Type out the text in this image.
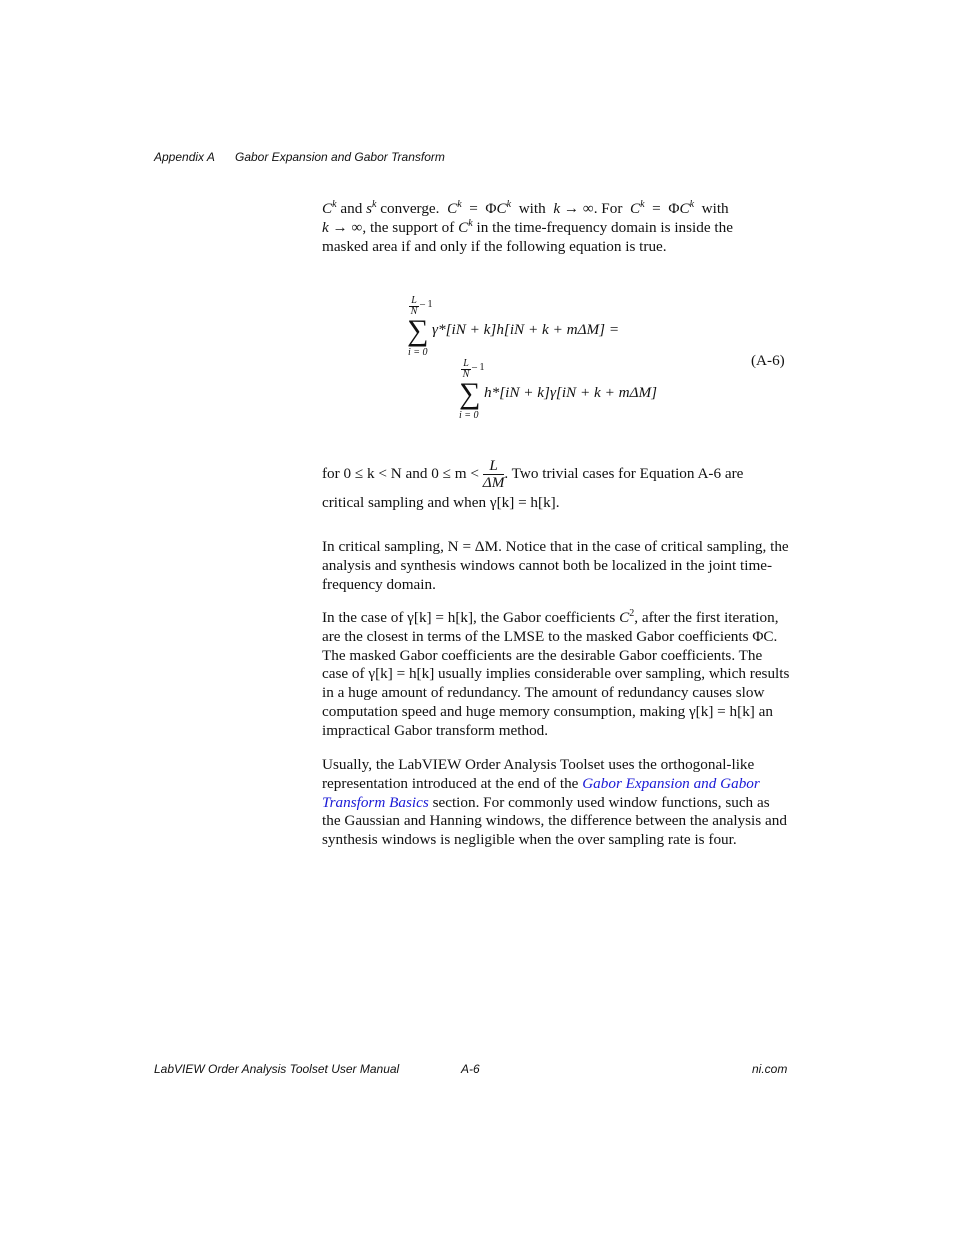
Appendix A Gabor Expansion and Gabor Transform
$C^k$ and $s^k$ converge. $C^k = \Phi C^k$ with k → ∞. For $C^k = \Phi C^k$ with
k → ∞, the support of $C^k$ in the time-frequency domain is inside the
masked area if and only if the following equation is true.
$\frac{L}{N} - 1$
∑
i = 0
γ*[iN + k]h[iN + k + mΔM] =
$\frac{L}{N} - 1$
∑
i = 0
h*[iN + k]γ[iN + k + mΔM]
(A-6)
for 0 ≤ k < N and $0 \le m < \frac{L}{\Delta M}$ . Two trivial cases for Equation A-6 are
critical sampling and when γ[k] = h[k].

In critical sampling, N = ΔM. Notice that in the case of critical sampling, the analysis and synthesis windows cannot both be localized in the joint time-frequency domain.

In the case of γ[k] = h[k], the Gabor coefficients $C^2$, after the first iteration, are the closest in terms of the LMSE to the masked Gabor coefficients ΦC. The masked Gabor coefficients are the desirable Gabor coefficients. The case of γ[k] = h[k] usually implies considerable over sampling, which results in a huge amount of redundancy. The amount of redundancy causes slow computation speed and huge memory consumption, making γ[k] = h[k] an impractical Gabor transform method.

Usually, the LabVIEW Order Analysis Toolset uses the orthogonal-like representation introduced at the end of the Gabor Expansion and Gabor Transform Basics section. For commonly used window functions, such as the Gaussian and Hanning windows, the difference between the analysis and synthesis windows is negligible when the over sampling rate is four.

LabVIEW Order Analysis Toolset User Manual	A-6	ni.com
